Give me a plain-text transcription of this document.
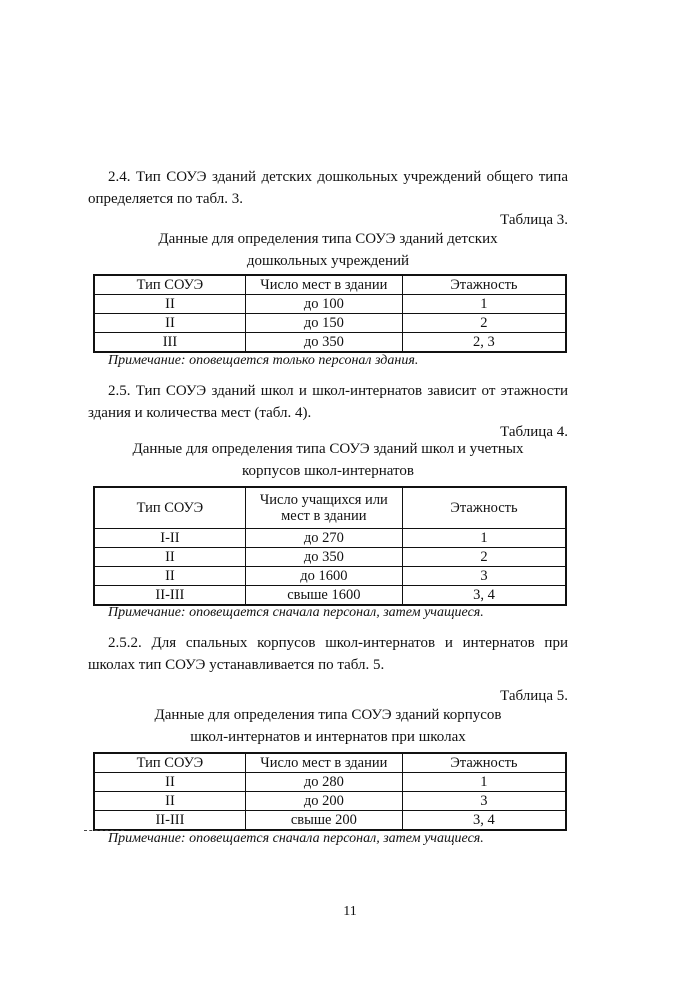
2.4. Тип СОУЭ зданий детских дошкольных учреждений общего типа определяется по табл. 3.

Таблица 3.
Данные для определения типа СОУЭ зданий детских
дошкольных учреждений
Тип СОУЭ	Число мест в здании	Этажность
II	до 100	1
II	до 150	2
III	до 350	2, 3
Примечание: оповещается только персонал здания.

2.5. Тип СОУЭ зданий школ и школ-интернатов зависит от этажности здания и количества мест (табл. 4).

Таблица 4.
Данные для определения типа СОУЭ зданий школ и учетных
корпусов школ-интернатов
Тип СОУЭ	Число учащихся или мест в здании	Этажность
I-II	до 270	1
II	до 350	2
II	до 1600	3
II-III	свыше 1600	3, 4
Примечание: оповещается сначала персонал, затем учащиеся.

2.5.2. Для спальных корпусов школ-интернатов и интернатов при школах тип СОУЭ устанавливается по табл. 5.

Таблица 5.
Данные для определения типа СОУЭ зданий корпусов
школ-интернатов и интернатов при школах
Тип СОУЭ	Число мест в здании	Этажность
II	до 280	1
II	до 200	3
II-III	свыше 200	3, 4
Примечание: оповещается сначала персонал, затем учащиеся.
11
